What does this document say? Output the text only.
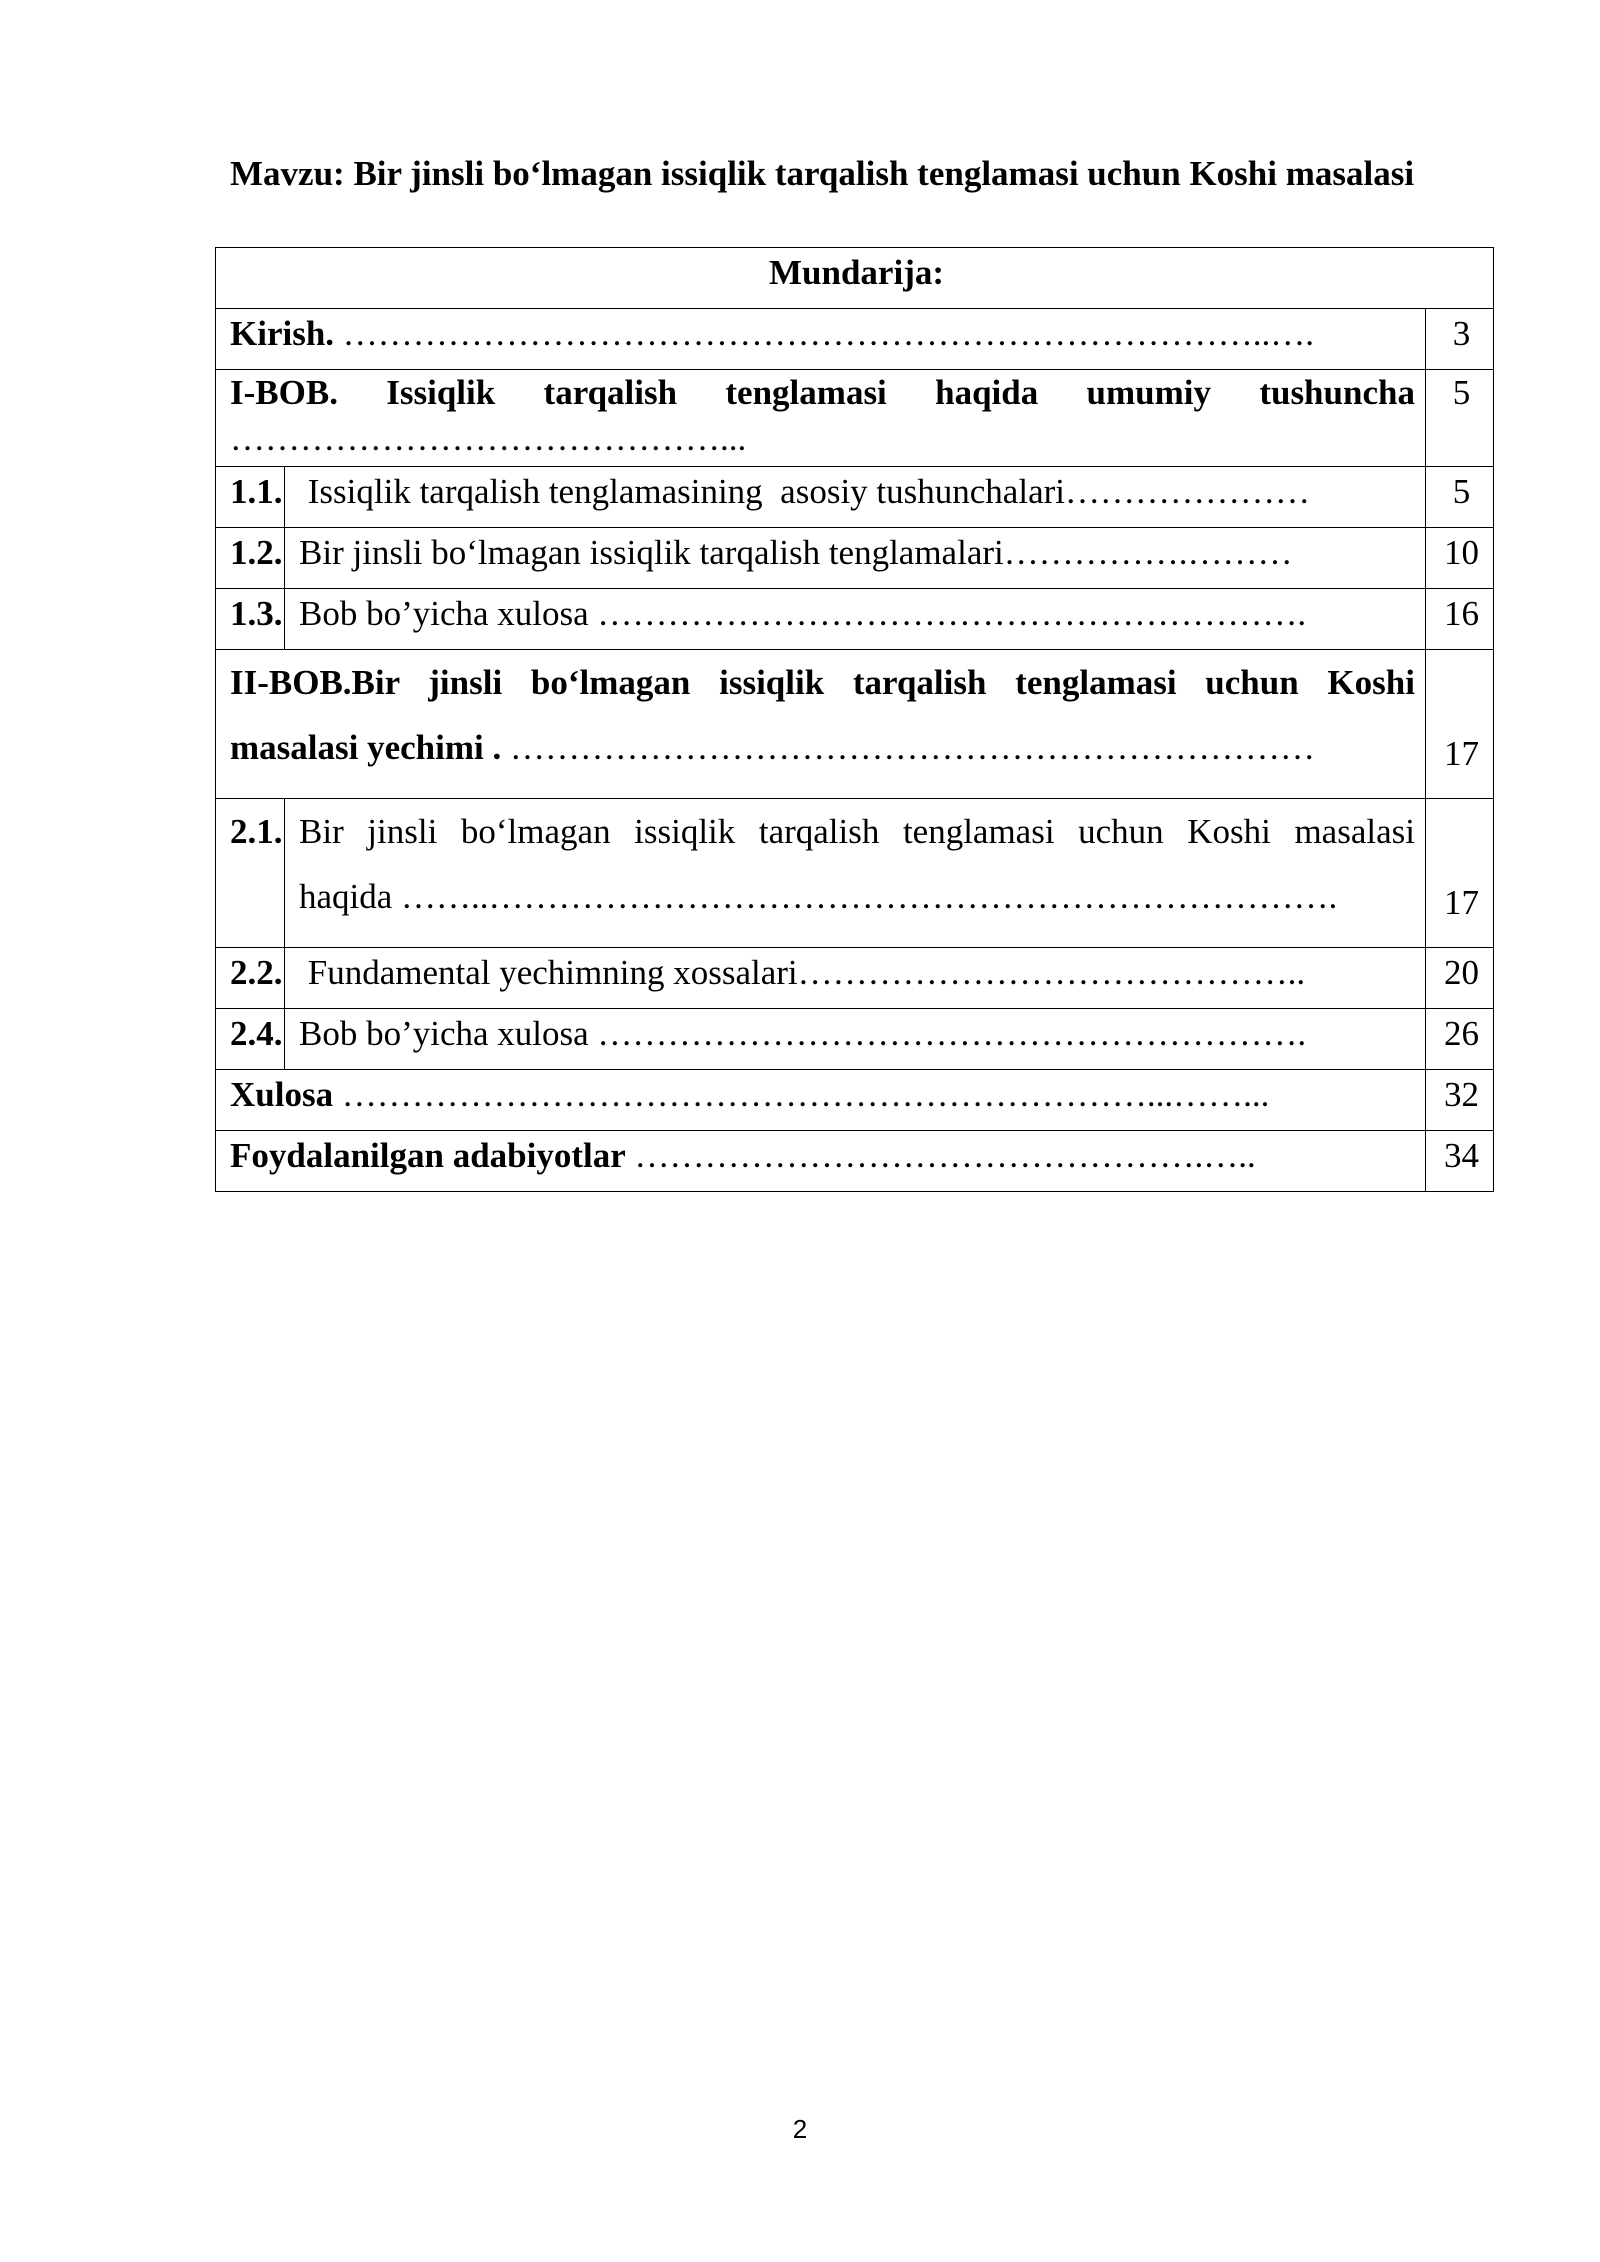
Mavzu: Bir jinsli bo‘lmagan issiqlik tarqalish tenglamasi uchun Koshi masalasi
Mundarija:		
Kirish. ……………………………………………………………………..….		3

I-BOB. Issiqlik tarqalish tenglamasi haqida umumiy tushuncha
……………………………………...		5
1.1.	Issiqlik tarqalish tenglamasining  asosiy tushunchalari…………………	5
1.2.	Bir jinsli bo‘lmagan issiqlik tarqalish tenglamalari…………….………	10
1.3.	Bob bo’yicha xulosa …………………………………………………….	16

II-BOB.Bir jinsli bo‘lmagan issiqlik tarqalish tenglamasi uchun Koshi
masalasi yechimi . ……………………………………………………………		17
2.1.	Bir jinsli bo‘lmagan issiqlik tarqalish tenglamasi uchun Koshi masalasi
haqida ……..……………………………………………………………….	17
2.2.	Fundamental yechimning xossalari……………………………………..	20
2.4.	Bob bo’yicha xulosa …………………………………………………….	26
Xulosa ……………………………………………………………...……...		32
Foydalanilgan adabiyotlar ………………………………………….…..		34
2
